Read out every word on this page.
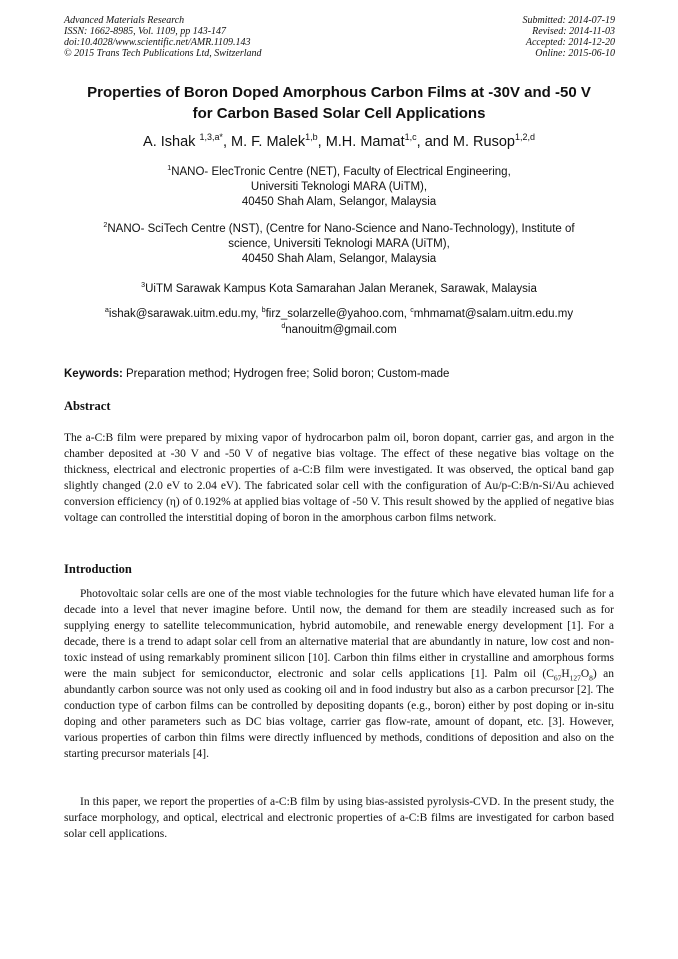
Advanced Materials Research
ISSN: 1662-8985, Vol. 1109, pp 143-147
doi:10.4028/www.scientific.net/AMR.1109.143
© 2015 Trans Tech Publications Ltd, Switzerland
Submitted: 2014-07-19
Revised: 2014-11-03
Accepted: 2014-12-20
Online: 2015-06-10
Properties of Boron Doped Amorphous Carbon Films at -30V and -50 V
for Carbon Based Solar Cell Applications
A. Ishak $^{1,3,a*}$, M. F. Malek$^{1,b}$, M.H. Mamat$^{1,c}$, and M. Rusop$^{1,2,d}$
$^1$NANO- ElecTronic Centre (NET), Faculty of Electrical Engineering,
Universiti Teknologi MARA (UiTM),
40450 Shah Alam, Selangor, Malaysia
$^2$NANO- SciTech Centre (NST), (Centre for Nano-Science and Nano-Technology), Institute of
science, Universiti Teknologi MARA (UiTM),
40450 Shah Alam, Selangor, Malaysia
$^3$UiTM Sarawak Kampus Kota Samarahan Jalan Meranek, Sarawak, Malaysia
$^a$ishak@sarawak.uitm.edu.my, $^b$firz_solarzelle@yahoo.com, $^c$mhmamat@salam.uitm.edu.my
$^d$nanouitm@gmail.com
Keywords: Preparation method; Hydrogen free; Solid boron; Custom-made
Abstract
The a-C:B film were prepared by mixing vapor of hydrocarbon palm oil, boron dopant, carrier gas, and argon in the chamber deposited at -30 V and -50 V of negative bias voltage. The effect of these negative bias voltage on the thickness, electrical and electronic properties of a-C:B film were investigated. It was observed, the optical band gap slightly changed (2.0 eV to 2.04 eV). The fabricated solar cell with the configuration of Au/p-C:B/n-Si/Au achieved conversion efficiency (η) of 0.192% at applied bias voltage of -50 V. This result showed by the applied of negative bias voltage can controlled the interstitial doping of boron in the amorphous carbon films network.
Introduction
Photovoltaic solar cells are one of the most viable technologies for the future which have elevated human life for a decade into a level that never imagine before. Until now, the demand for them are steadily increased such as for supplying energy to satellite telecommunication, hybrid automobile, and renewable energy development [1]. For a decade, there is a trend to adapt solar cell from an alternative material that are abundantly in nature, low cost and non-toxic instead of using remarkably prominent silicon [10]. Carbon thin films either in crystalline and amorphous forms were the main subject for semiconductor, electronic and solar cells applications [1]. Palm oil $(C_{67}H_{127}O_8)$ an abundantly carbon source was not only used as cooking oil and in food industry but also as a carbon precursor [2]. The conduction type of carbon films can be controlled by depositing dopants (e.g., boron) either by post doping or in-situ doping and other parameters such as DC bias voltage, carrier gas flow-rate, amount of dopant, etc. [3]. However, various properties of carbon thin films were directly influenced by methods, conditions of deposition and also on the starting precursor materials [4].
In this paper, we report the properties of a-C:B film by using bias-assisted pyrolysis-CVD. In the present study, the surface morphology, and optical, electrical and electronic properties of a-C:B films are investigated for carbon based solar cell applications.
